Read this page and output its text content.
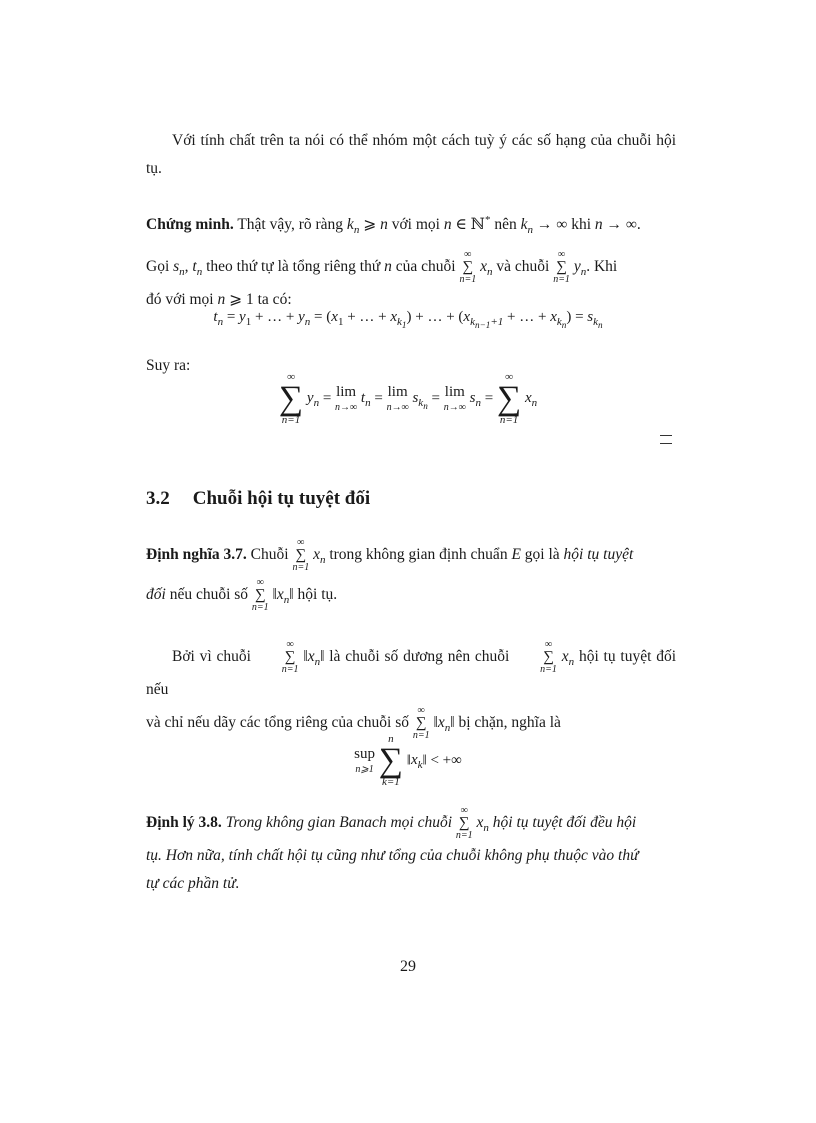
Với tính chất trên ta nói có thể nhóm một cách tuỳ ý các số hạng của chuỗi hội tụ.
Chứng minh. Thật vậy, rõ ràng $k_n$ ⩾ n với mọi n ∈ ℕ* nên $k_n$ → ∞ khi n → ∞.
Gọi $s_n$, $t_n$ theo thứ tự là tổng riêng thứ n của chuỗi
∞
∑
n=1
$x_n$ và chuỗi
∞
∑
n=1
$y_n$. Khi
đó với mọi n ⩾ 1 ta có:
$t_n = y_1$ + … + $y_n = (x_1$ + … + $x_{k_1}$) + … + ($x_{k_{n-1}+1}$ + … + $x_{k_n}) = s_{k_n}$
Suy ra:
∞
∑
n=1
$y_n = \lim$
n→∞
$t_n = \lim$
n→∞
$s_{k_n} = \lim$
n→∞
$s_n$ =
∞
∑
n=1
$x_n$
3.2 Chuỗi hội tụ tuyệt đối
Định nghĩa 3.7. Chuỗi
∞
∑
n=1
$x_n$ trong không gian định chuẩn E gọi là hội tụ tuyệt
đối nếu chuỗi số
∞
∑
n=1
$‖x_n‖$ hội tụ.
Bởi vì chuỗi
∞
∑
n=1
$‖x_n‖$ là chuỗi số dương nên chuỗi
∞
∑
n=1
$x_n$ hội tụ tuyệt đối nếu
và chỉ nếu dãy các tổng riêng của chuỗi số
∞
∑
n=1
$‖x_n‖$ bị chặn, nghĩa là
sup
n⩾1

n
∑
k=1
$‖x_k‖$ < +∞
Định lý 3.8. Trong không gian Banach mọi chuỗi
∞
∑
n=1
$x_n$ hội tụ tuyệt đối đều hội
tụ. Hơn nữa, tính chất hội tụ cũng như tổng của chuỗi không phụ thuộc vào thứ
tự các phần tử.
29
